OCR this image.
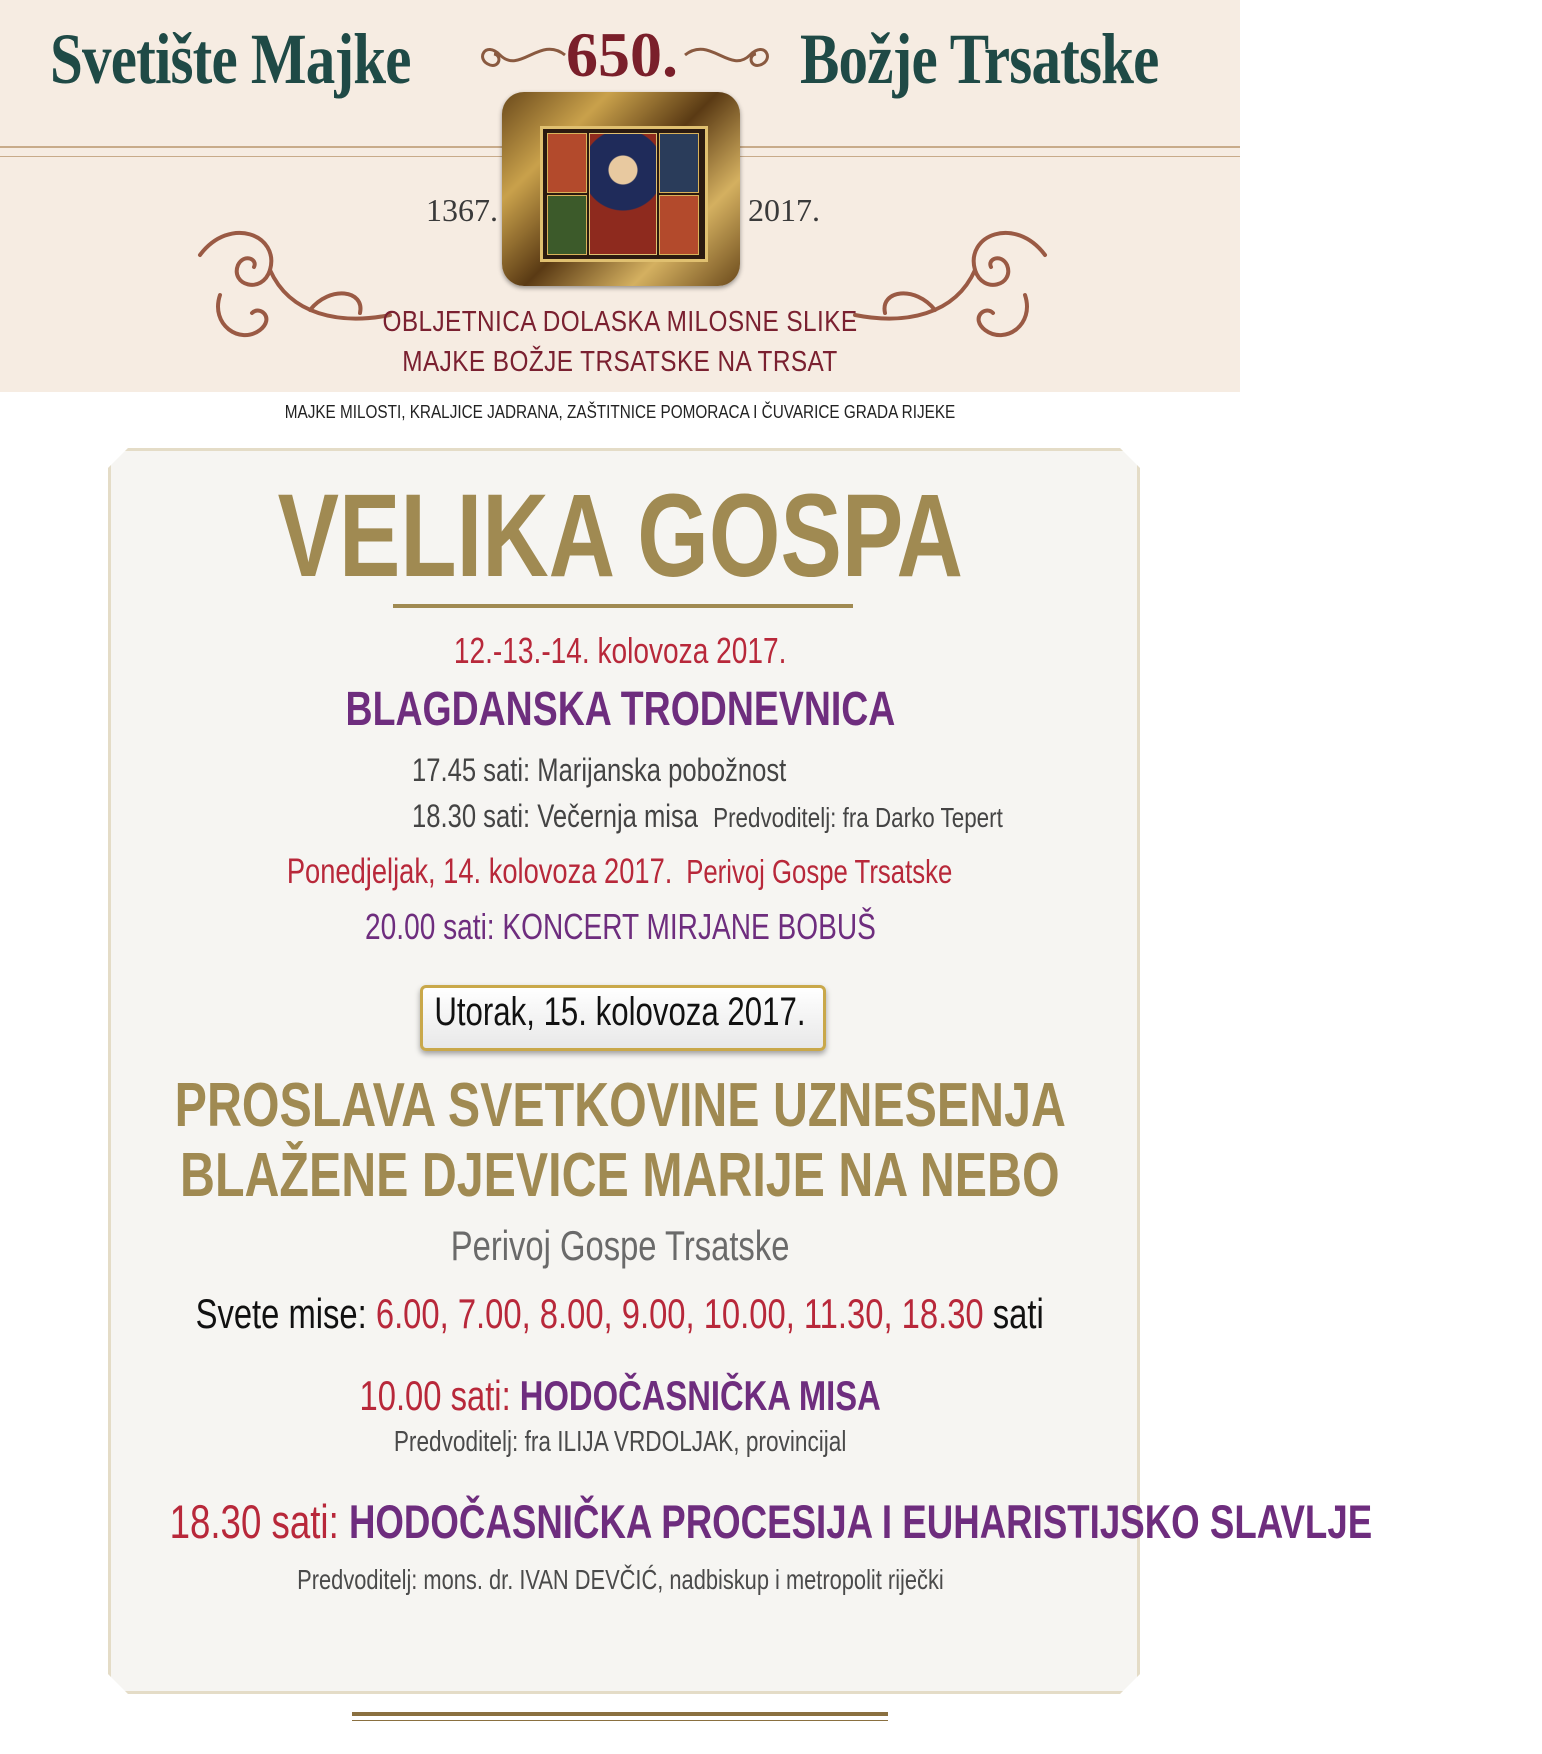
Svetište Majke 650. Božje Trsatske
1367.	2017.
OBLJETNICA DOLASKA MILOSNE SLIKE
MAJKE BOŽJE TRSATSKE NA TRSAT
MAJKE MILOSTI, KRALJICE JADRANA, ZAŠTITNICE POMORACA I ČUVARICE GRADA RIJEKE
VELIKA GOSPA
12.-13.-14. kolovoza 2017.
BLAGDANSKA TRODNEVNICA
17.45 sati: Marijanska pobožnost
18.30 sati: Večernja misa Predvoditelj: fra Darko Tepert
Ponedjeljak, 14. kolovoza 2017. Perivoj Gospe Trsatske
20.00 sati: KONCERT MIRJANE BOBUŠ
Utorak, 15. kolovoza 2017.
PROSLAVA SVETKOVINE UZNESENJA
BLAŽENE DJEVICE MARIJE NA NEBO
Perivoj Gospe Trsatske
Svete mise: 6.00, 7.00, 8.00, 9.00, 10.00, 11.30, 18.30 sati
10.00 sati: HODOČASNIČKA MISA
Predvoditelj: fra ILIJA VRDOLJAK, provincijal
18.30 sati: HODOČASNIČKA PROCESIJA I EUHARISTIJSKO SLAVLJE
Predvoditelj: mons. dr. IVAN DEVČIĆ, nadbiskup i metropolit riječki
